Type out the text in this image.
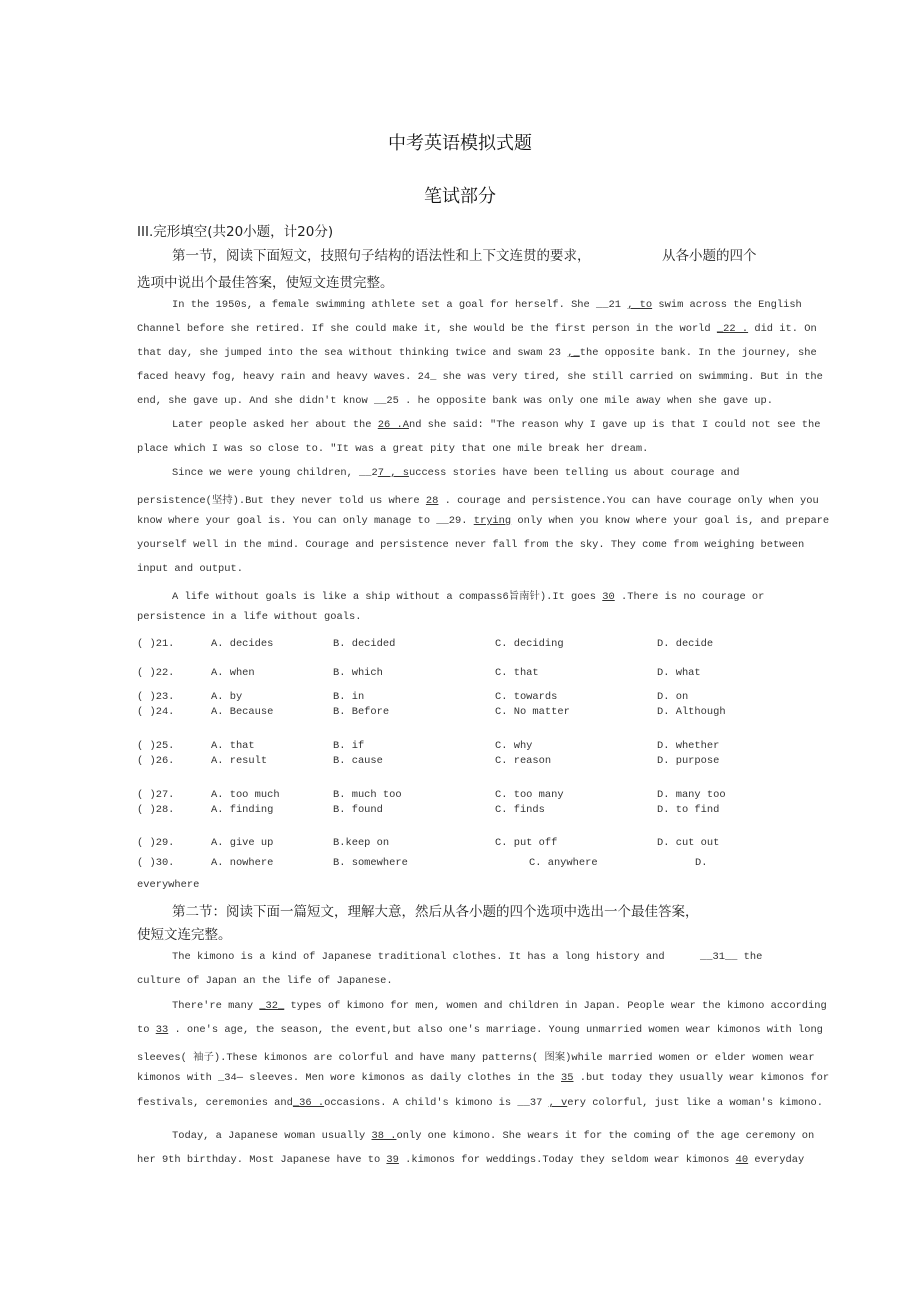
中考英语模拟式题
笔试部分
III.完形填空(共20小题，计20分)
第一节，阅读下面短文，技照句子结构的语法性和上下文连贯的要求，	从各小题的四个
选项中说出个最佳答案，使短文连贯完整。
In the 1950s, a female swimming athlete set a goal for herself. She __21 , to swim across the English
Channel before she retired. If she could make it, she would be the first person in the world _22 . did it. On
that day, she jumped into the sea without thinking twice and swam 23 ,_the opposite bank. In the journey, she
faced heavy fog, heavy rain and heavy waves. 24_ she was very tired, she still carried on swimming. But in the
end, she gave up. And she didn't know __25 . he opposite bank was only one mile away when she gave up.
Later people asked her about the 26 .And she said: "The reason why I gave up is that I could not see the
place which I was so close to. "It was a great pity that one mile break her dream.
Since we were young children, __27 , success stories have been telling us about courage and
persistence(坚持).But they never told us where 28 . courage and persistence.You can have courage only when you
know where your goal is. You can only manage to __29. trying only when you know where your goal is, and prepare
yourself well in the mind. Courage and persistence never fall from the sky. They come from weighing between
input and output.
A life without goals is like a ship without a compass6旨南针).It goes 30 .There is no courage or
persistence in a life without goals.
( )21.	A. decides	B. decided	C. deciding	D. decide
( )22.	A. when	B. which	C. that	D. what
( )23.	A. by	B. in	C. towards	D. on
( )24.	A. Because	B. Before	C. No matter	D. Although
( )25.	A. that	B. if	C. why	D. whether
( )26.	A. result	B. cause	C. reason	D. purpose
( )27.	A. too much	B. much too	C. too many	D. many too
( )28.	A. finding	B. found	C. finds	D. to find
( )29.	A. give up	B.keep on	C. put off	D. cut out
( )30.	A. nowhere	B. somewhere	C. anywhere	D.
everywhere
第二节：阅读下面一篇短文，理解大意，然后从各小题的四个选项中选出一个最佳答案，
使短文连完整。
The kimono is a kind of Japanese traditional clothes. It has a long history and	__31__ the
culture of Japan an the life of Japanese.
There're many _32_ types of kimono for men, women and children in Japan. People wear the kimono according
to 33 . one's age, the season, the event,but also one's marriage. Young unmarried women wear kimonos with long
sleeves( 袖子).These kimonos are colorful and have many patterns( 图案)while married women or elder women wear
kimonos with _34— sleeves. Men wore kimonos as daily clothes in the 35 .but today they usually wear kimonos for
festivals, ceremonies and_36 .occasions. A child's kimono is __37 , very colorful, just like a woman's kimono.
Today, a Japanese woman usually 38 .only one kimono. She wears it for the coming of the age ceremony on
her 9th birthday. Most Japanese have to 39 .kimonos for weddings.Today they seldom wear kimonos 40 everyday
